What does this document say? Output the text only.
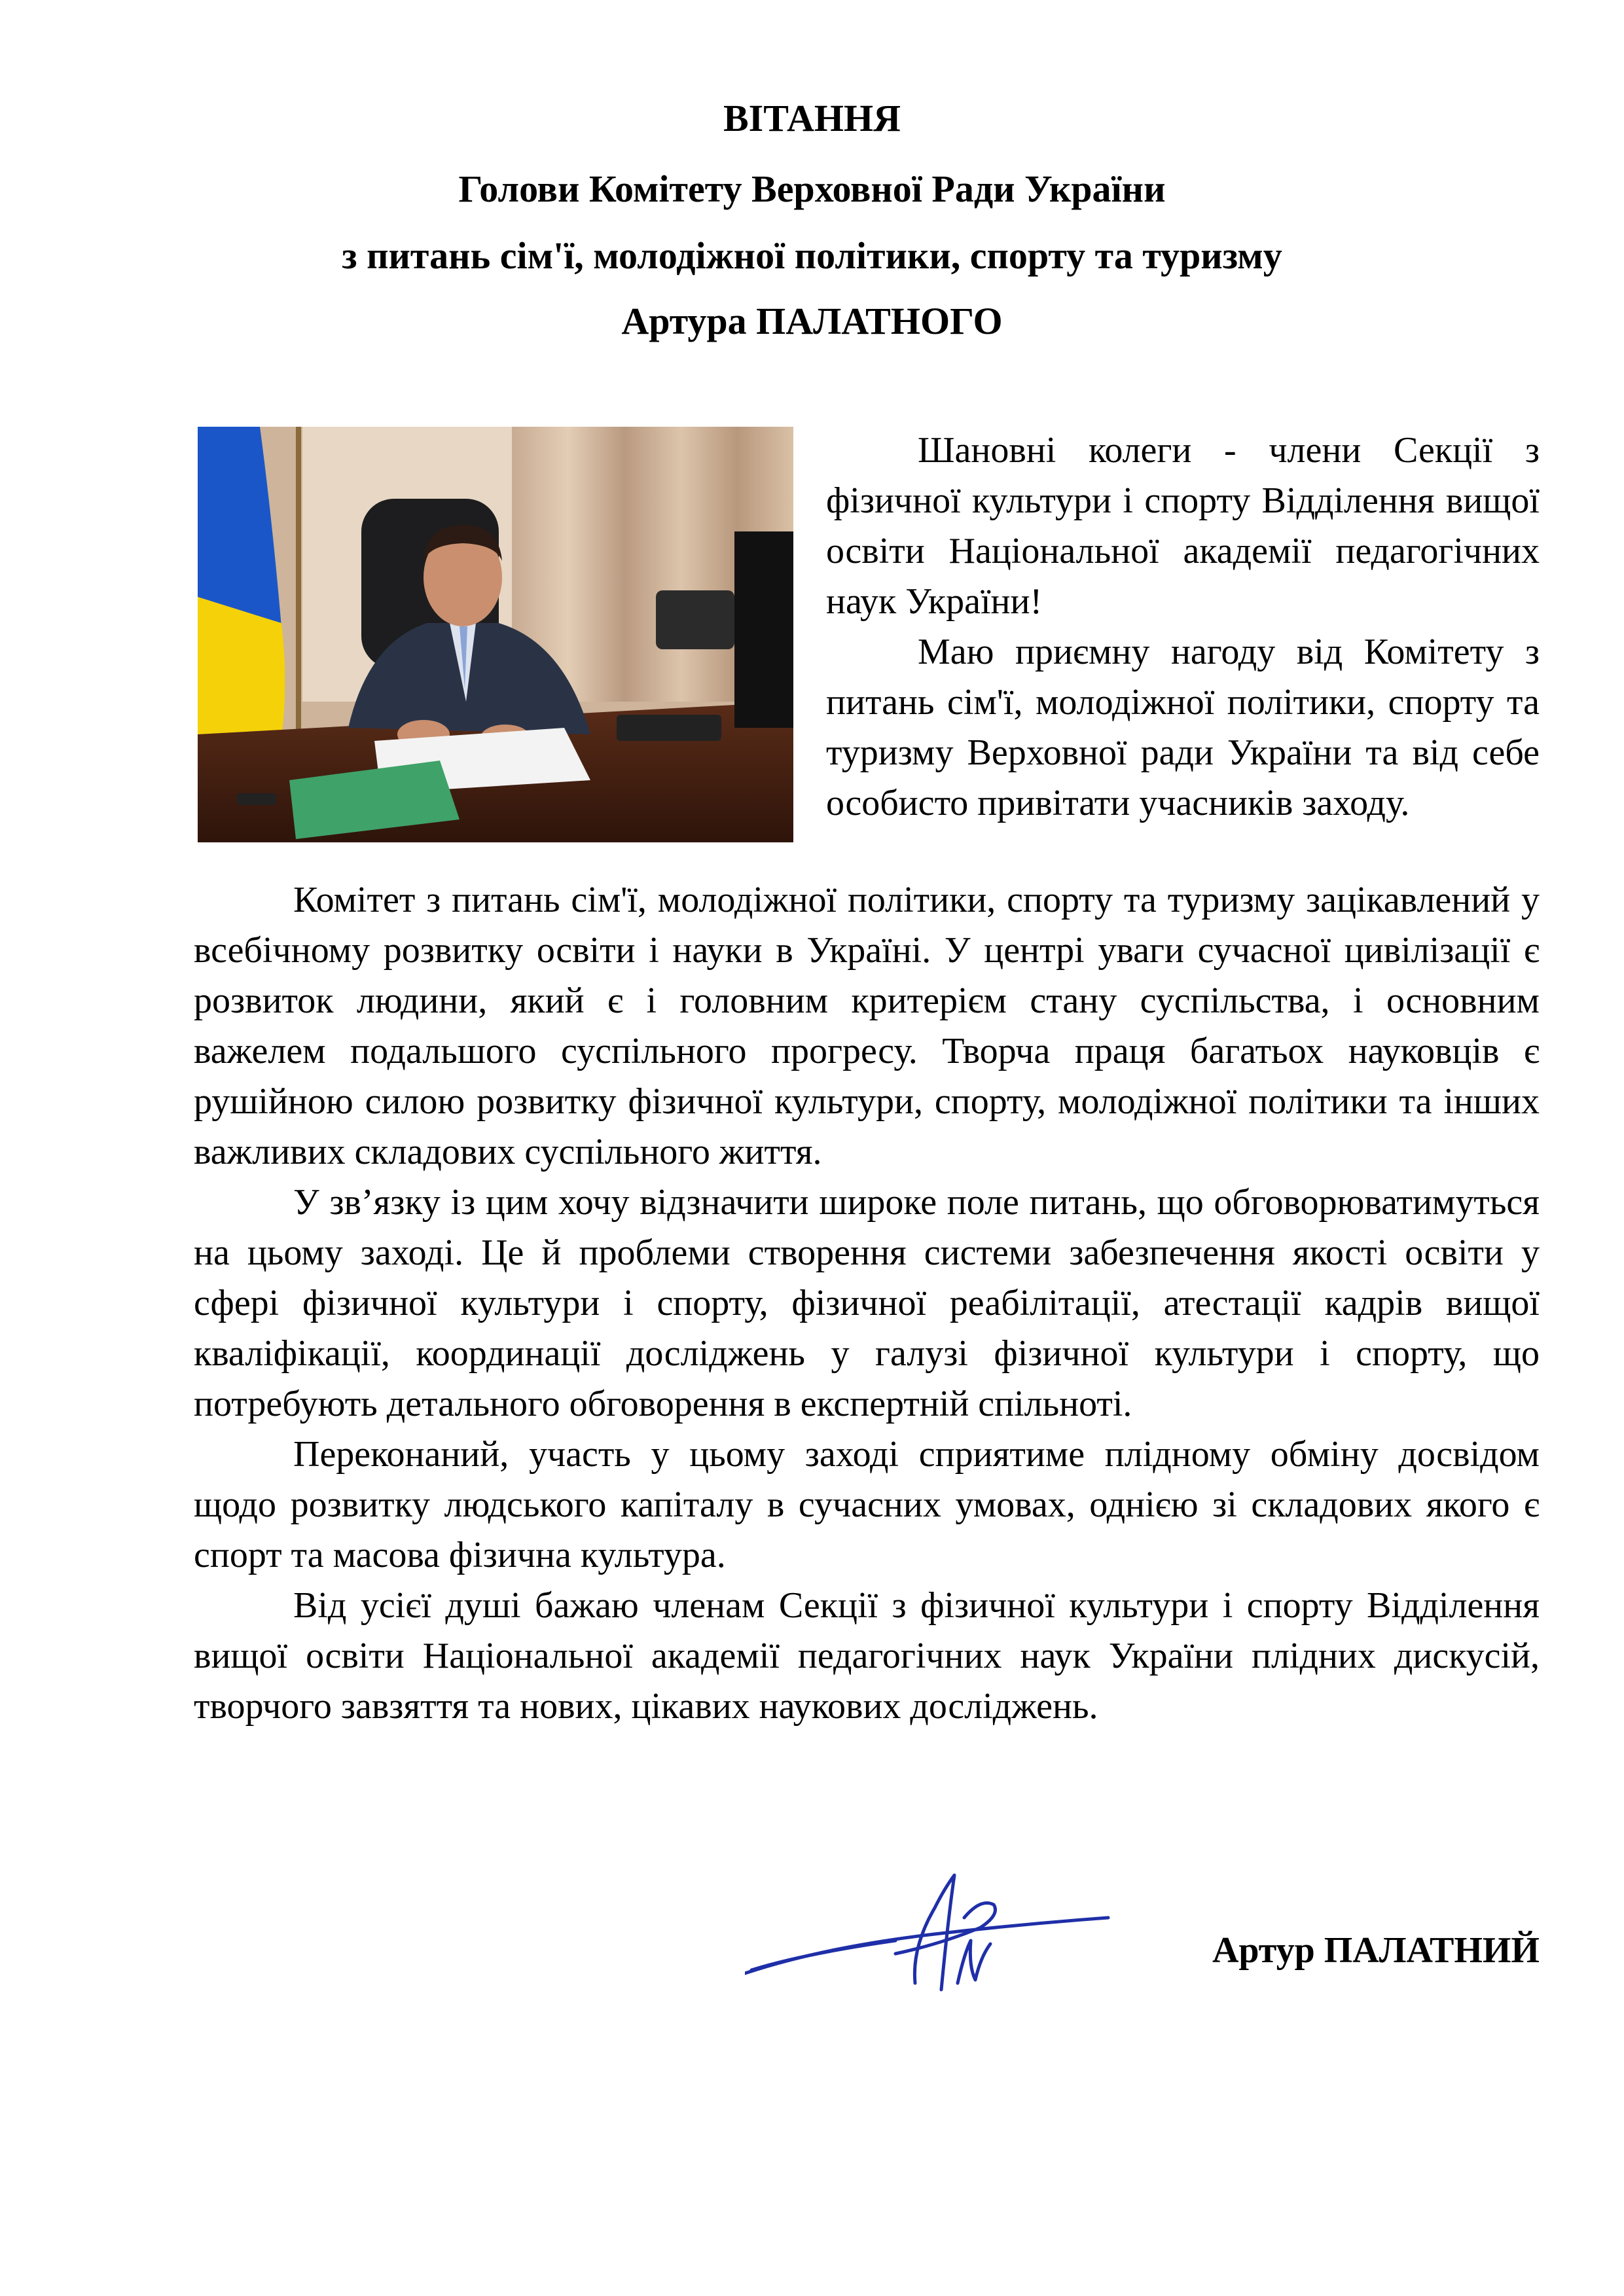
ВІТАННЯ
Голови Комітету Верховної Ради України
з питань сім'ї, молодіжної політики, спорту та туризму
Артура ПАЛАТНОГО

Шановні колеги - члени Секції з фізичної культури і спорту Відділення вищої освіти Національної академії педагогічних наук України!

Маю приємну нагоду від Комітету з питань сім'ї, молодіжної політики, спорту та туризму Верховної ради України та від себе особисто привітати учасників заходу.

Комітет з питань сім'ї, молодіжної політики, спорту та туризму зацікавлений у всебічному розвитку освіти і науки в Україні. У центрі уваги сучасної цивілізації є розвиток людини, який є і головним критерієм стану суспільства, і основним важелем подальшого суспільного прогресу. Творча праця багатьох науковців є рушійною силою розвитку фізичної культури, спорту, молодіжної політики та інших важливих складових суспільного життя.

У зв’язку із цим хочу відзначити широке поле питань, що обговорюватимуться на цьому заході. Це й проблеми створення системи забезпечення якості освіти у сфері фізичної культури і спорту, фізичної реабілітації, атестації кадрів вищої кваліфікації, координації досліджень у галузі фізичної культури і спорту, що потребують детального обговорення в експертній спільноті.

Переконаний, участь у цьому заході сприятиме плідному обміну досвідом щодо розвитку людського капіталу в сучасних умовах, однією зі складових якого є спорт та масова фізична культура.

Від усієї душі бажаю членам Секції з фізичної культури і спорту Відділення вищої освіти Національної академії педагогічних наук України плідних дискусій, творчого завзяття та нових, цікавих наукових досліджень.

Артур ПАЛАТНИЙ
